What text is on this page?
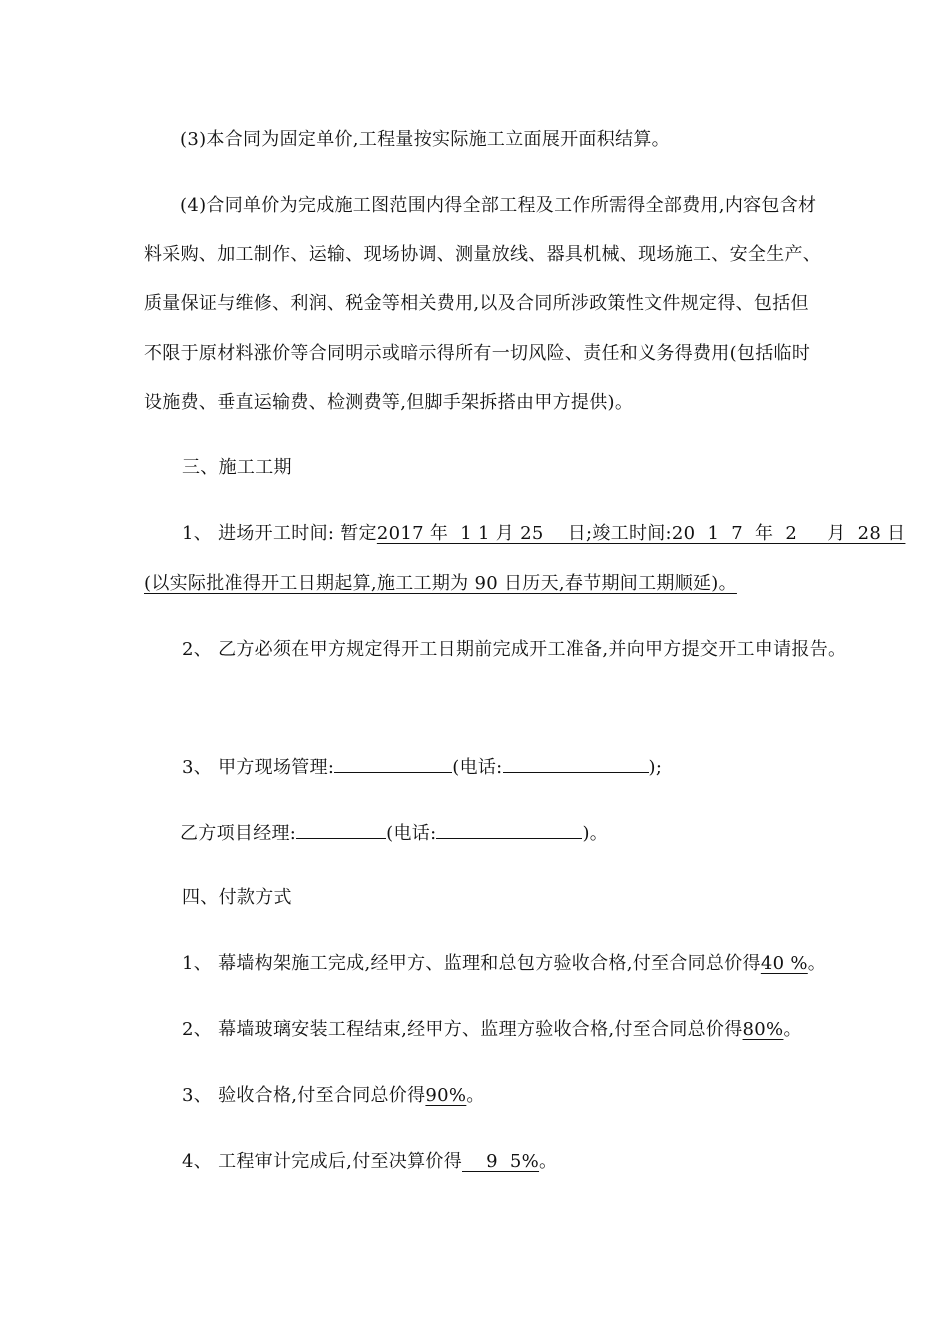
(3)本合同为固定单价,工程量按实际施工立面展开面积结算。
(4)合同单价为完成施工图范围内得全部工程及工作所需得全部费用,内容包含材
料采购、加工制作、运输、现场协调、测量放线、器具机械、现场施工、安全生产、
质量保证与维修、利润、税金等相关费用,以及合同所涉政策性文件规定得、包括但
不限于原材料涨价等合同明示或暗示得所有一切风险、责任和义务得费用(包括临时
设施费、垂直运输费、检测费等,但脚手架拆搭由甲方提供)。
三、施工工期
1、 进场开工时间: 暂定2017 年  1 1 月 25    日;竣工时间:20  1  7  年  2     月  28 日
(以实际批准得开工日期起算,施工工期为 90 日历天,春节期间工期顺延)。
2、 乙方必须在甲方规定得开工日期前完成开工准备,并向甲方提交开工申请报告。
3、 甲方现场管理:	(电话:	);
乙方项目经理:	(电话:	)。
四、付款方式
1、 幕墙构架施工完成,经甲方、监理和总包方验收合格,付至合同总价得40 %。
2、 幕墙玻璃安装工程结束,经甲方、监理方验收合格,付至合同总价得80%。
3、 验收合格,付至合同总价得90%。
4、 工程审计完成后,付至决算价得    9  5%。
